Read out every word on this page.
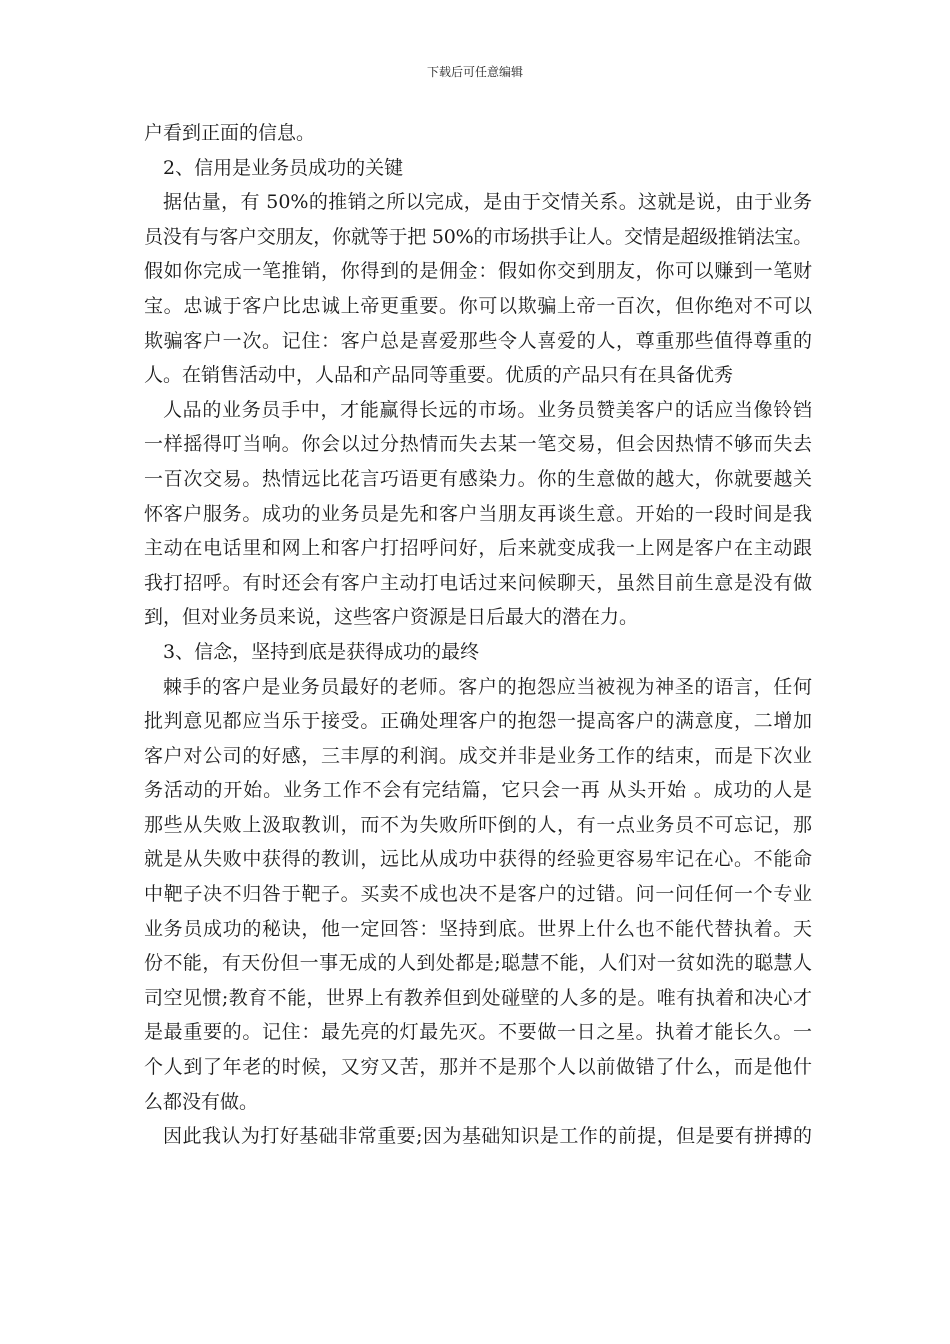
下载后可任意编辑

户看到正面的信息。

2、信用是业务员成功的关键

据估量，有 50%的推销之所以完成，是由于交情关系。这就是说，由于业务

员没有与客户交朋友，你就等于把 50%的市场拱手让人。交情是超级推销法宝。

假如你完成一笔推销，你得到的是佣金：假如你交到朋友，你可以赚到一笔财

宝。忠诚于客户比忠诚上帝更重要。你可以欺骗上帝一百次，但你绝对不可以

欺骗客户一次。记住：客户总是喜爱那些令人喜爱的人，尊重那些值得尊重的

人。在销售活动中，人品和产品同等重要。优质的产品只有在具备优秀

人品的业务员手中，才能赢得长远的市场。业务员赞美客户的话应当像铃铛

一样摇得叮当响。你会以过分热情而失去某一笔交易，但会因热情不够而失去

一百次交易。热情远比花言巧语更有感染力。你的生意做的越大，你就要越关

怀客户服务。成功的业务员是先和客户当朋友再谈生意。开始的一段时间是我

主动在电话里和网上和客户打招呼问好，后来就变成我一上网是客户在主动跟

我打招呼。有时还会有客户主动打电话过来问候聊天，虽然目前生意是没有做

到，但对业务员来说，这些客户资源是日后最大的潜在力。

3、信念，坚持到底是获得成功的最终

棘手的客户是业务员最好的老师。客户的抱怨应当被视为神圣的语言，任何

批判意见都应当乐于接受。正确处理客户的抱怨一提高客户的满意度，二增加

客户对公司的好感，三丰厚的利润。成交并非是业务工作的结束，而是下次业

务活动的开始。业务工作不会有完结篇，它只会一再 从头开始 。成功的人是

那些从失败上汲取教训，而不为失败所吓倒的人，有一点业务员不可忘记，那

就是从失败中获得的教训，远比从成功中获得的经验更容易牢记在心。不能命

中靶子决不归咎于靶子。买卖不成也决不是客户的过错。问一问任何一个专业

业务员成功的秘诀，他一定回答：坚持到底。世界上什么也不能代替执着。天

份不能，有天份但一事无成的人到处都是;聪慧不能，人们对一贫如洗的聪慧人

司空见惯;教育不能，世界上有教养但到处碰壁的人多的是。唯有执着和决心才

是最重要的。记住：最先亮的灯最先灭。不要做一日之星。执着才能长久。一

个人到了年老的时候，又穷又苦，那并不是那个人以前做错了什么，而是他什

么都没有做。

因此我认为打好基础非常重要;因为基础知识是工作的前提，但是要有拼搏的
